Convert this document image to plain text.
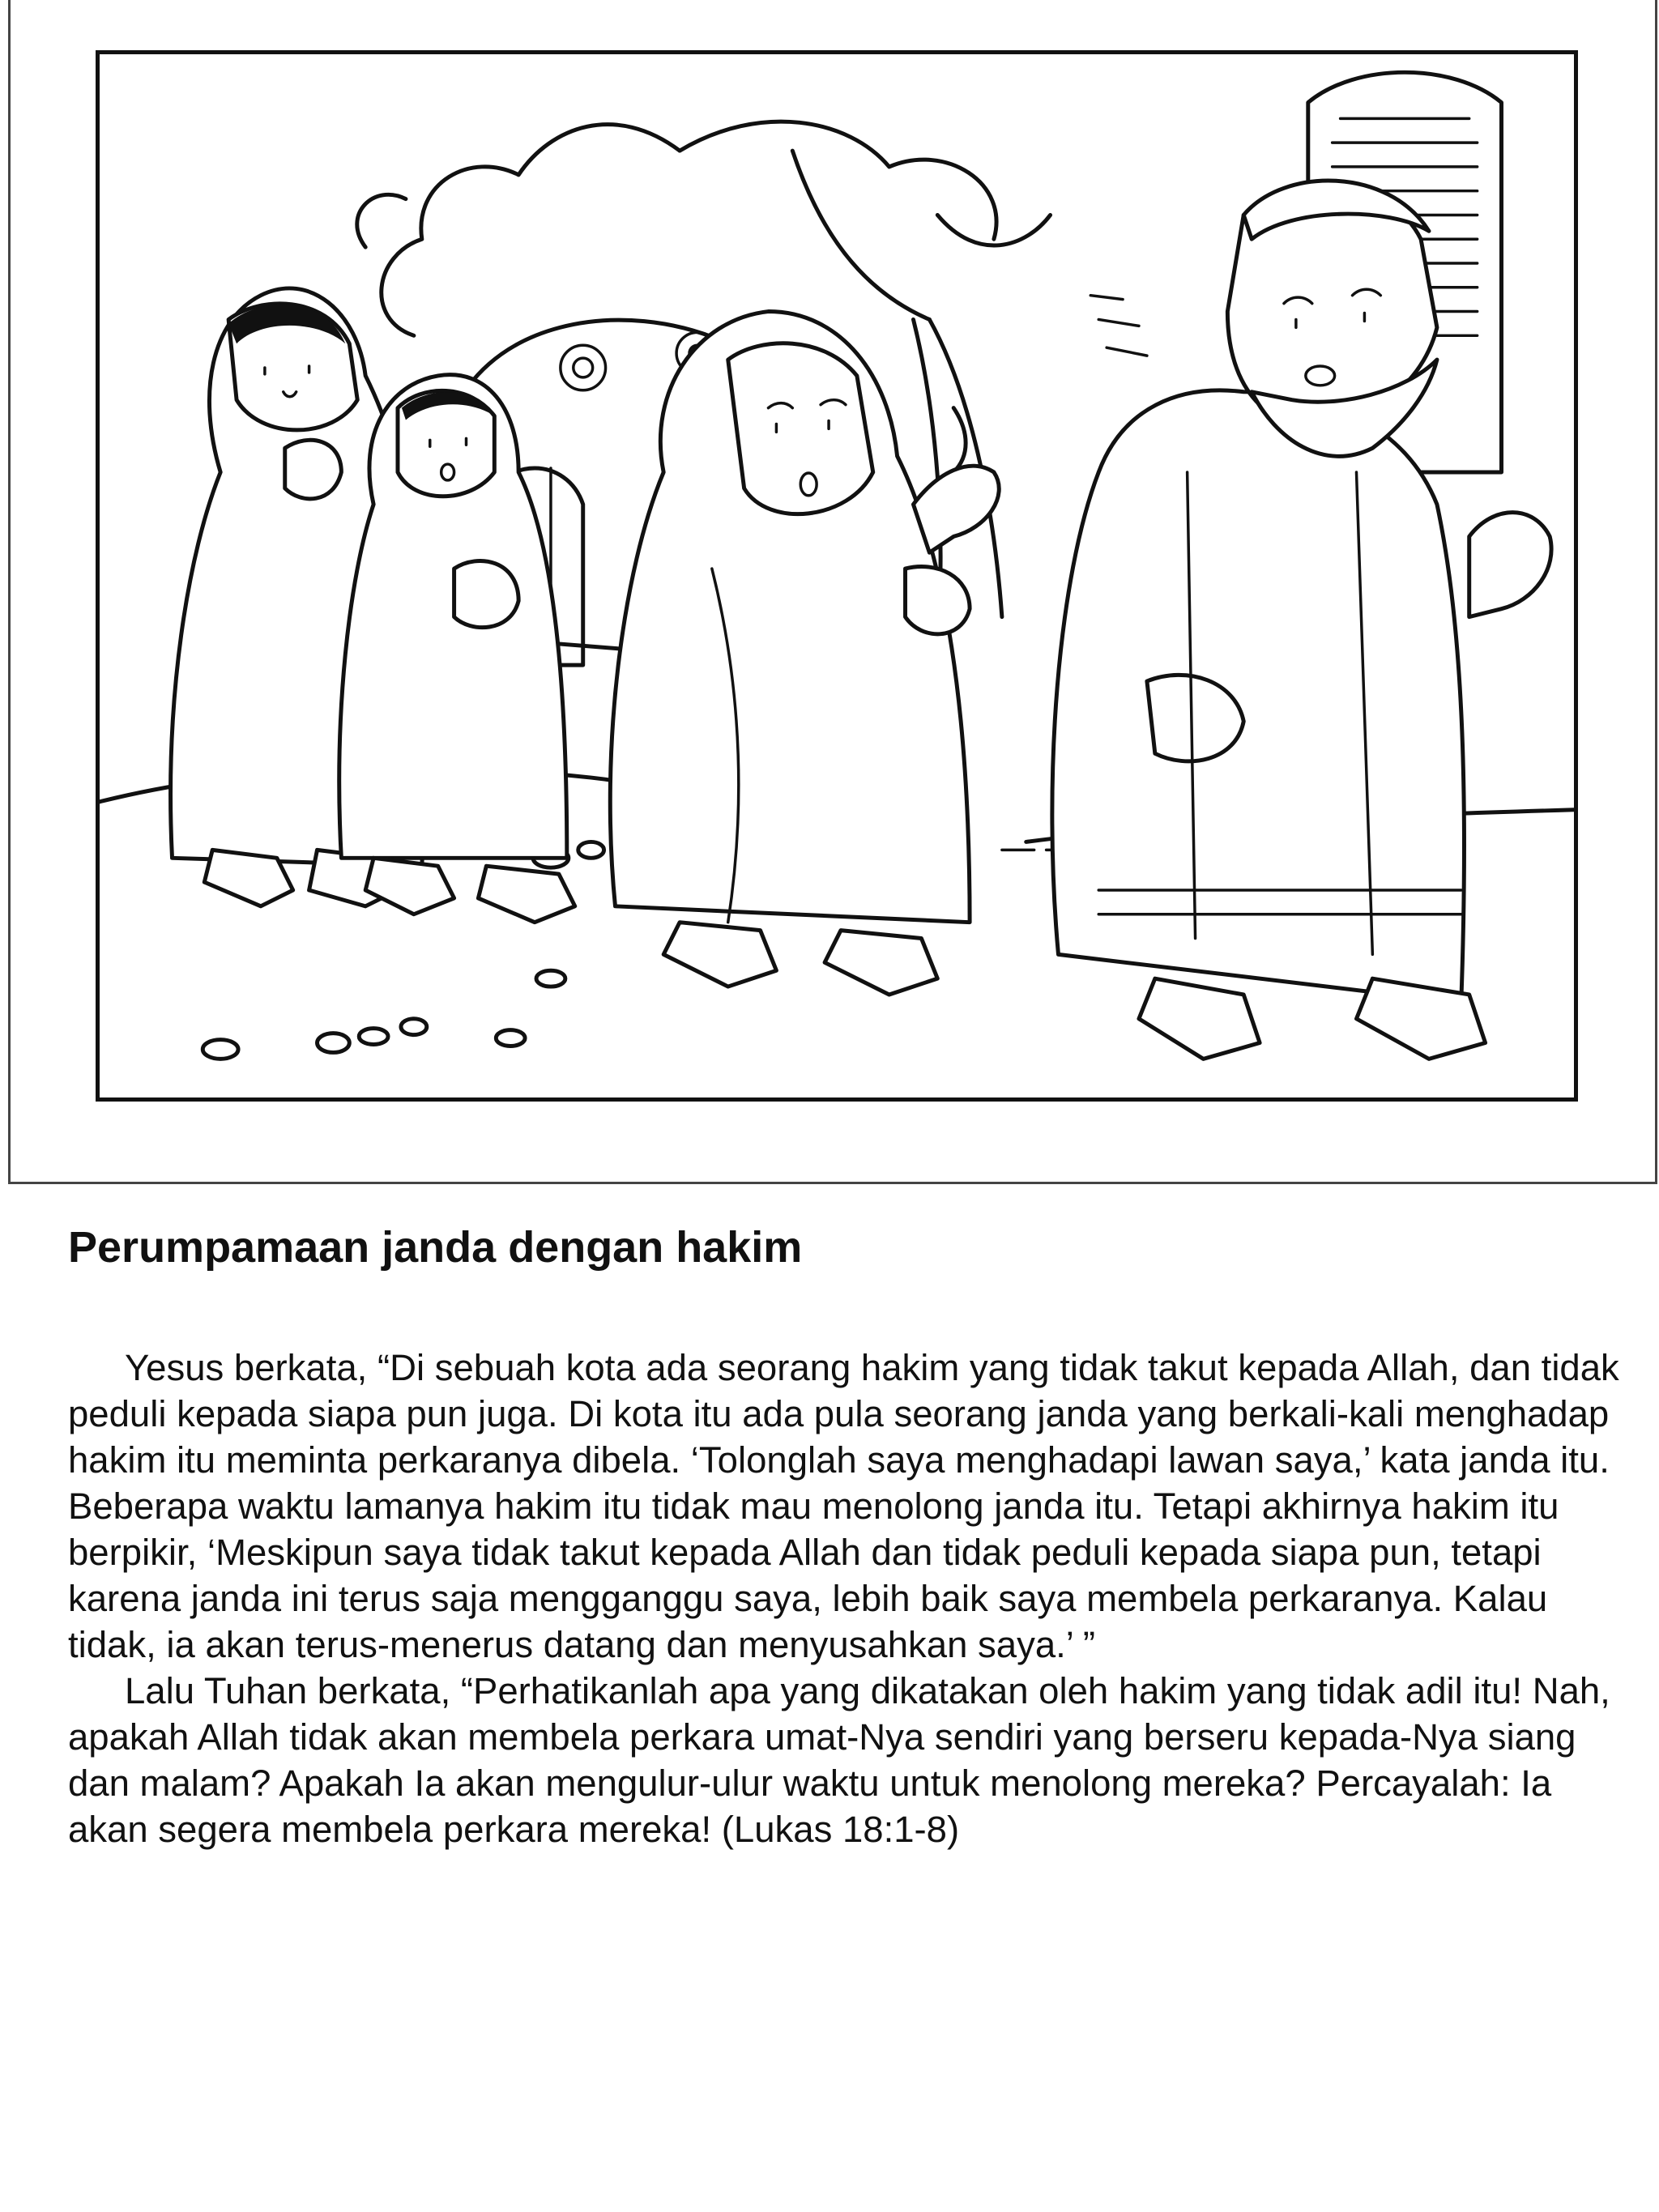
Perumpamaan janda dengan hakim

Yesus berkata, “Di sebuah kota ada seorang hakim yang tidak takut kepada Allah, dan tidak peduli kepada siapa pun juga. Di kota itu ada pula seorang janda yang berkali-kali menghadap hakim itu meminta perkaranya dibela. ‘Tolonglah saya menghadapi lawan saya,’ kata janda itu. Beberapa waktu lamanya hakim itu tidak mau menolong janda itu. Tetapi akhirnya hakim itu berpikir, ‘Meskipun saya tidak takut kepada Allah dan tidak peduli kepada siapa pun, tetapi karena janda ini terus saja mengganggu saya, lebih baik saya membela perkaranya. Kalau tidak, ia akan terus-menerus datang dan menyusahkan saya.’ ”

Lalu Tuhan berkata, “Perhatikanlah apa yang dikatakan oleh hakim yang tidak adil itu! Nah, apakah Allah tidak akan membela perkara umat-Nya sendiri yang berseru kepada-Nya siang dan malam? Apakah Ia akan mengulur-ulur waktu untuk menolong mereka? Percayalah: Ia akan segera membela perkara mereka! (Lukas 18:1-8)
